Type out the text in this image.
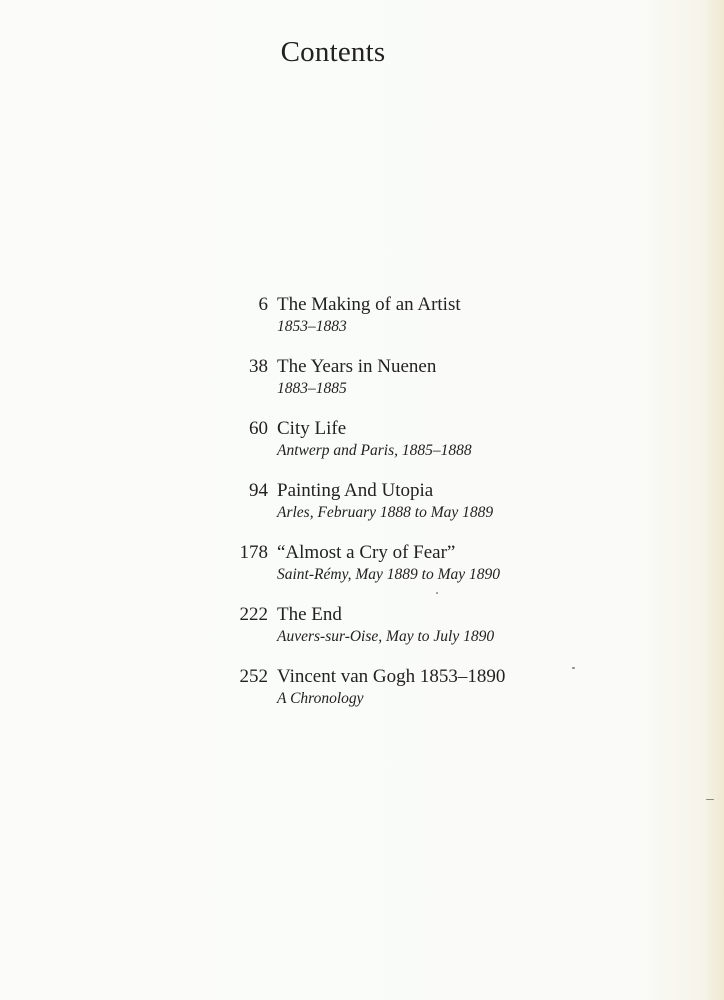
Contents
6 The Making of an Artist
1853–1883
38 The Years in Nuenen
1883–1885
60 City Life
Antwerp and Paris, 1885–1888
94 Painting And Utopia
Arles, February 1888 to May 1889
178 “Almost a Cry of Fear”
Saint-Rémy, May 1889 to May 1890
222 The End
Auvers-sur-Oise, May to July 1890
252 Vincent van Gogh 1853–1890
A Chronology
